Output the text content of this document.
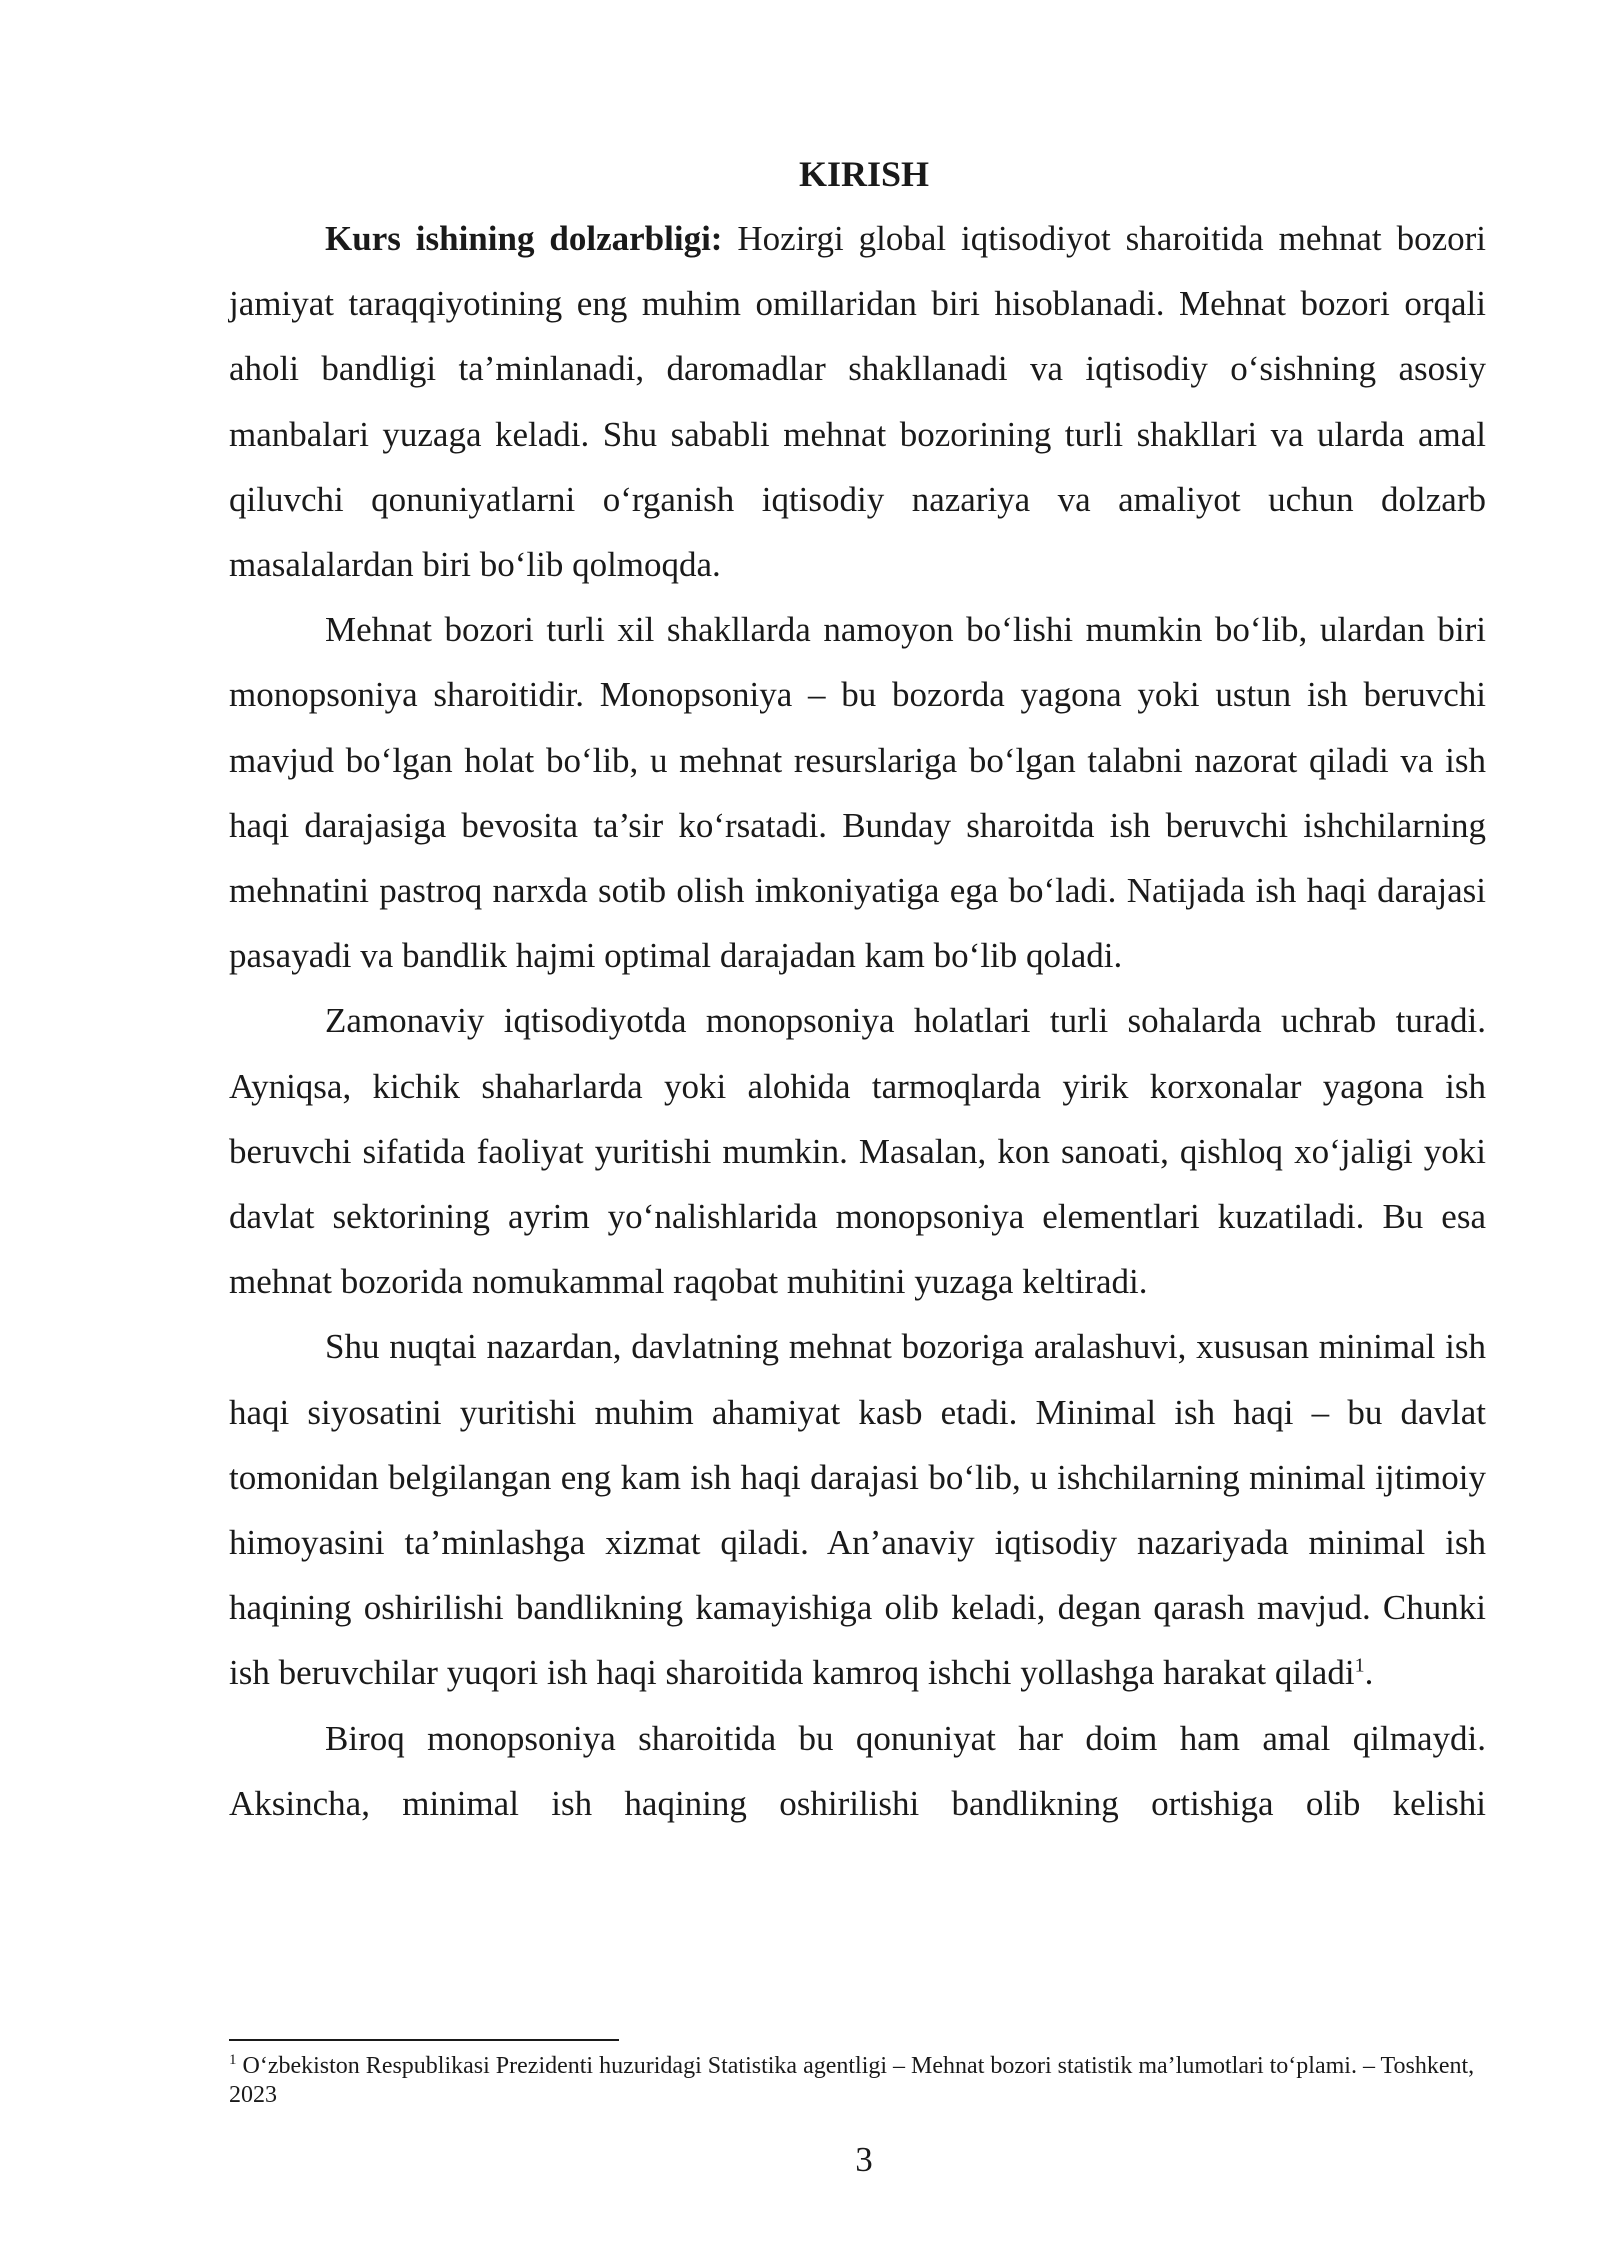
KIRISH

Kurs ishining dolzarbligi: Hozirgi global iqtisodiyot sharoitida mehnat bozori jamiyat taraqqiyotining eng muhim omillaridan biri hisoblanadi. Mehnat bozori orqali aholi bandligi ta’minlanadi, daromadlar shakllanadi va iqtisodiy o‘sishning asosiy manbalari yuzaga keladi. Shu sababli mehnat bozorining turli shakllari va ularda amal qiluvchi qonuniyatlarni o‘rganish iqtisodiy nazariya va amaliyot uchun dolzarb masalalardan biri bo‘lib qolmoqda.

Mehnat bozori turli xil shakllarda namoyon bo‘lishi mumkin bo‘lib, ulardan biri monopsoniya sharoitidir. Monopsoniya – bu bozorda yagona yoki ustun ish beruvchi mavjud bo‘lgan holat bo‘lib, u mehnat resurslariga bo‘lgan talabni nazorat qiladi va ish haqi darajasiga bevosita ta’sir ko‘rsatadi. Bunday sharoitda ish beruvchi ishchilarning mehnatini pastroq narxda sotib olish imkoniyatiga ega bo‘ladi. Natijada ish haqi darajasi pasayadi va bandlik hajmi optimal darajadan kam bo‘lib qoladi.

Zamonaviy iqtisodiyotda monopsoniya holatlari turli sohalarda uchrab turadi. Ayniqsa, kichik shaharlarda yoki alohida tarmoqlarda yirik korxonalar yagona ish beruvchi sifatida faoliyat yuritishi mumkin. Masalan, kon sanoati, qishloq xo‘jaligi yoki davlat sektorining ayrim yo‘nalishlarida monopsoniya elementlari kuzatiladi. Bu esa mehnat bozorida nomukammal raqobat muhitini yuzaga keltiradi.

Shu nuqtai nazardan, davlatning mehnat bozoriga aralashuvi, xususan minimal ish haqi siyosatini yuritishi muhim ahamiyat kasb etadi. Minimal ish haqi – bu davlat tomonidan belgilangan eng kam ish haqi darajasi bo‘lib, u ishchilarning minimal ijtimoiy himoyasini ta’minlashga xizmat qiladi. An’anaviy iqtisodiy nazariyada minimal ish haqining oshirilishi bandlikning kamayishiga olib keladi, degan qarash mavjud. Chunki ish beruvchilar yuqori ish haqi sharoitida kamroq ishchi yollashga harakat qiladi$^1$.

Biroq monopsoniya sharoitida bu qonuniyat har doim ham amal qilmaydi. Aksincha, minimal ish haqining oshirilishi bandlikning ortishiga olib kelishi

$^1$ O‘zbekiston Respublikasi Prezidenti huzuridagi Statistika agentligi – Mehnat bozori statistik ma’lumotlari to‘plami. – Toshkent, 2023
3
